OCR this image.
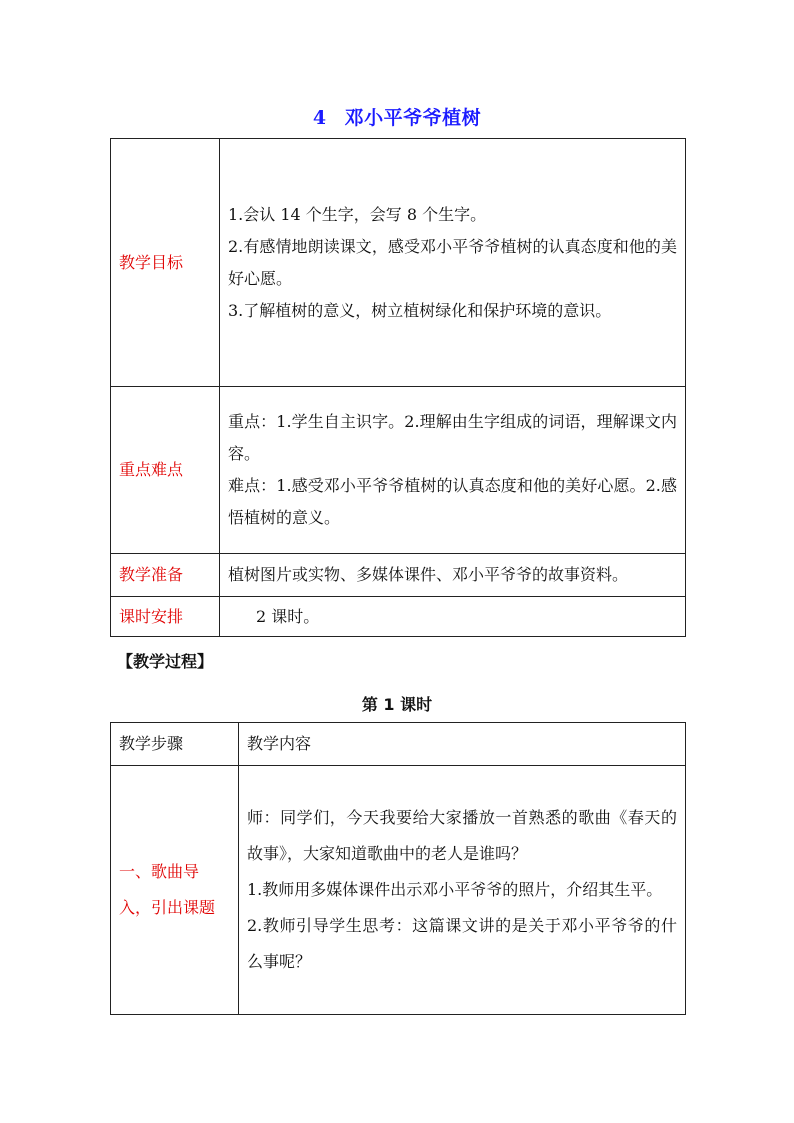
4 邓小平爷爷植树
教学目标	1.会认 14 个生字，会写 8 个生字。
2.有感情地朗读课文，感受邓小平爷爷植树的认真态度和他的美好心愿。
3.了解植树的意义，树立植树绿化和保护环境的意识。

重点难点	重点：1.学生自主识字。2.理解由生字组成的词语，理解课文内容。
难点：1.感受邓小平爷爷植树的认真态度和他的美好心愿。2.感悟植树的意义。

教学准备	植树图片或实物、多媒体课件、邓小平爷爷的故事资料。

课时安排	2 课时。
【教学过程】
第 1 课时
教学步骤	教学内容
一、歌曲导入，引出课题	师：同学们，今天我要给大家播放一首熟悉的歌曲《春天的故事》，大家知道歌曲中的老人是谁吗？
1.教师用多媒体课件出示邓小平爷爷的照片，介绍其生平。
2.教师引导学生思考：这篇课文讲的是关于邓小平爷爷的什么事呢？
